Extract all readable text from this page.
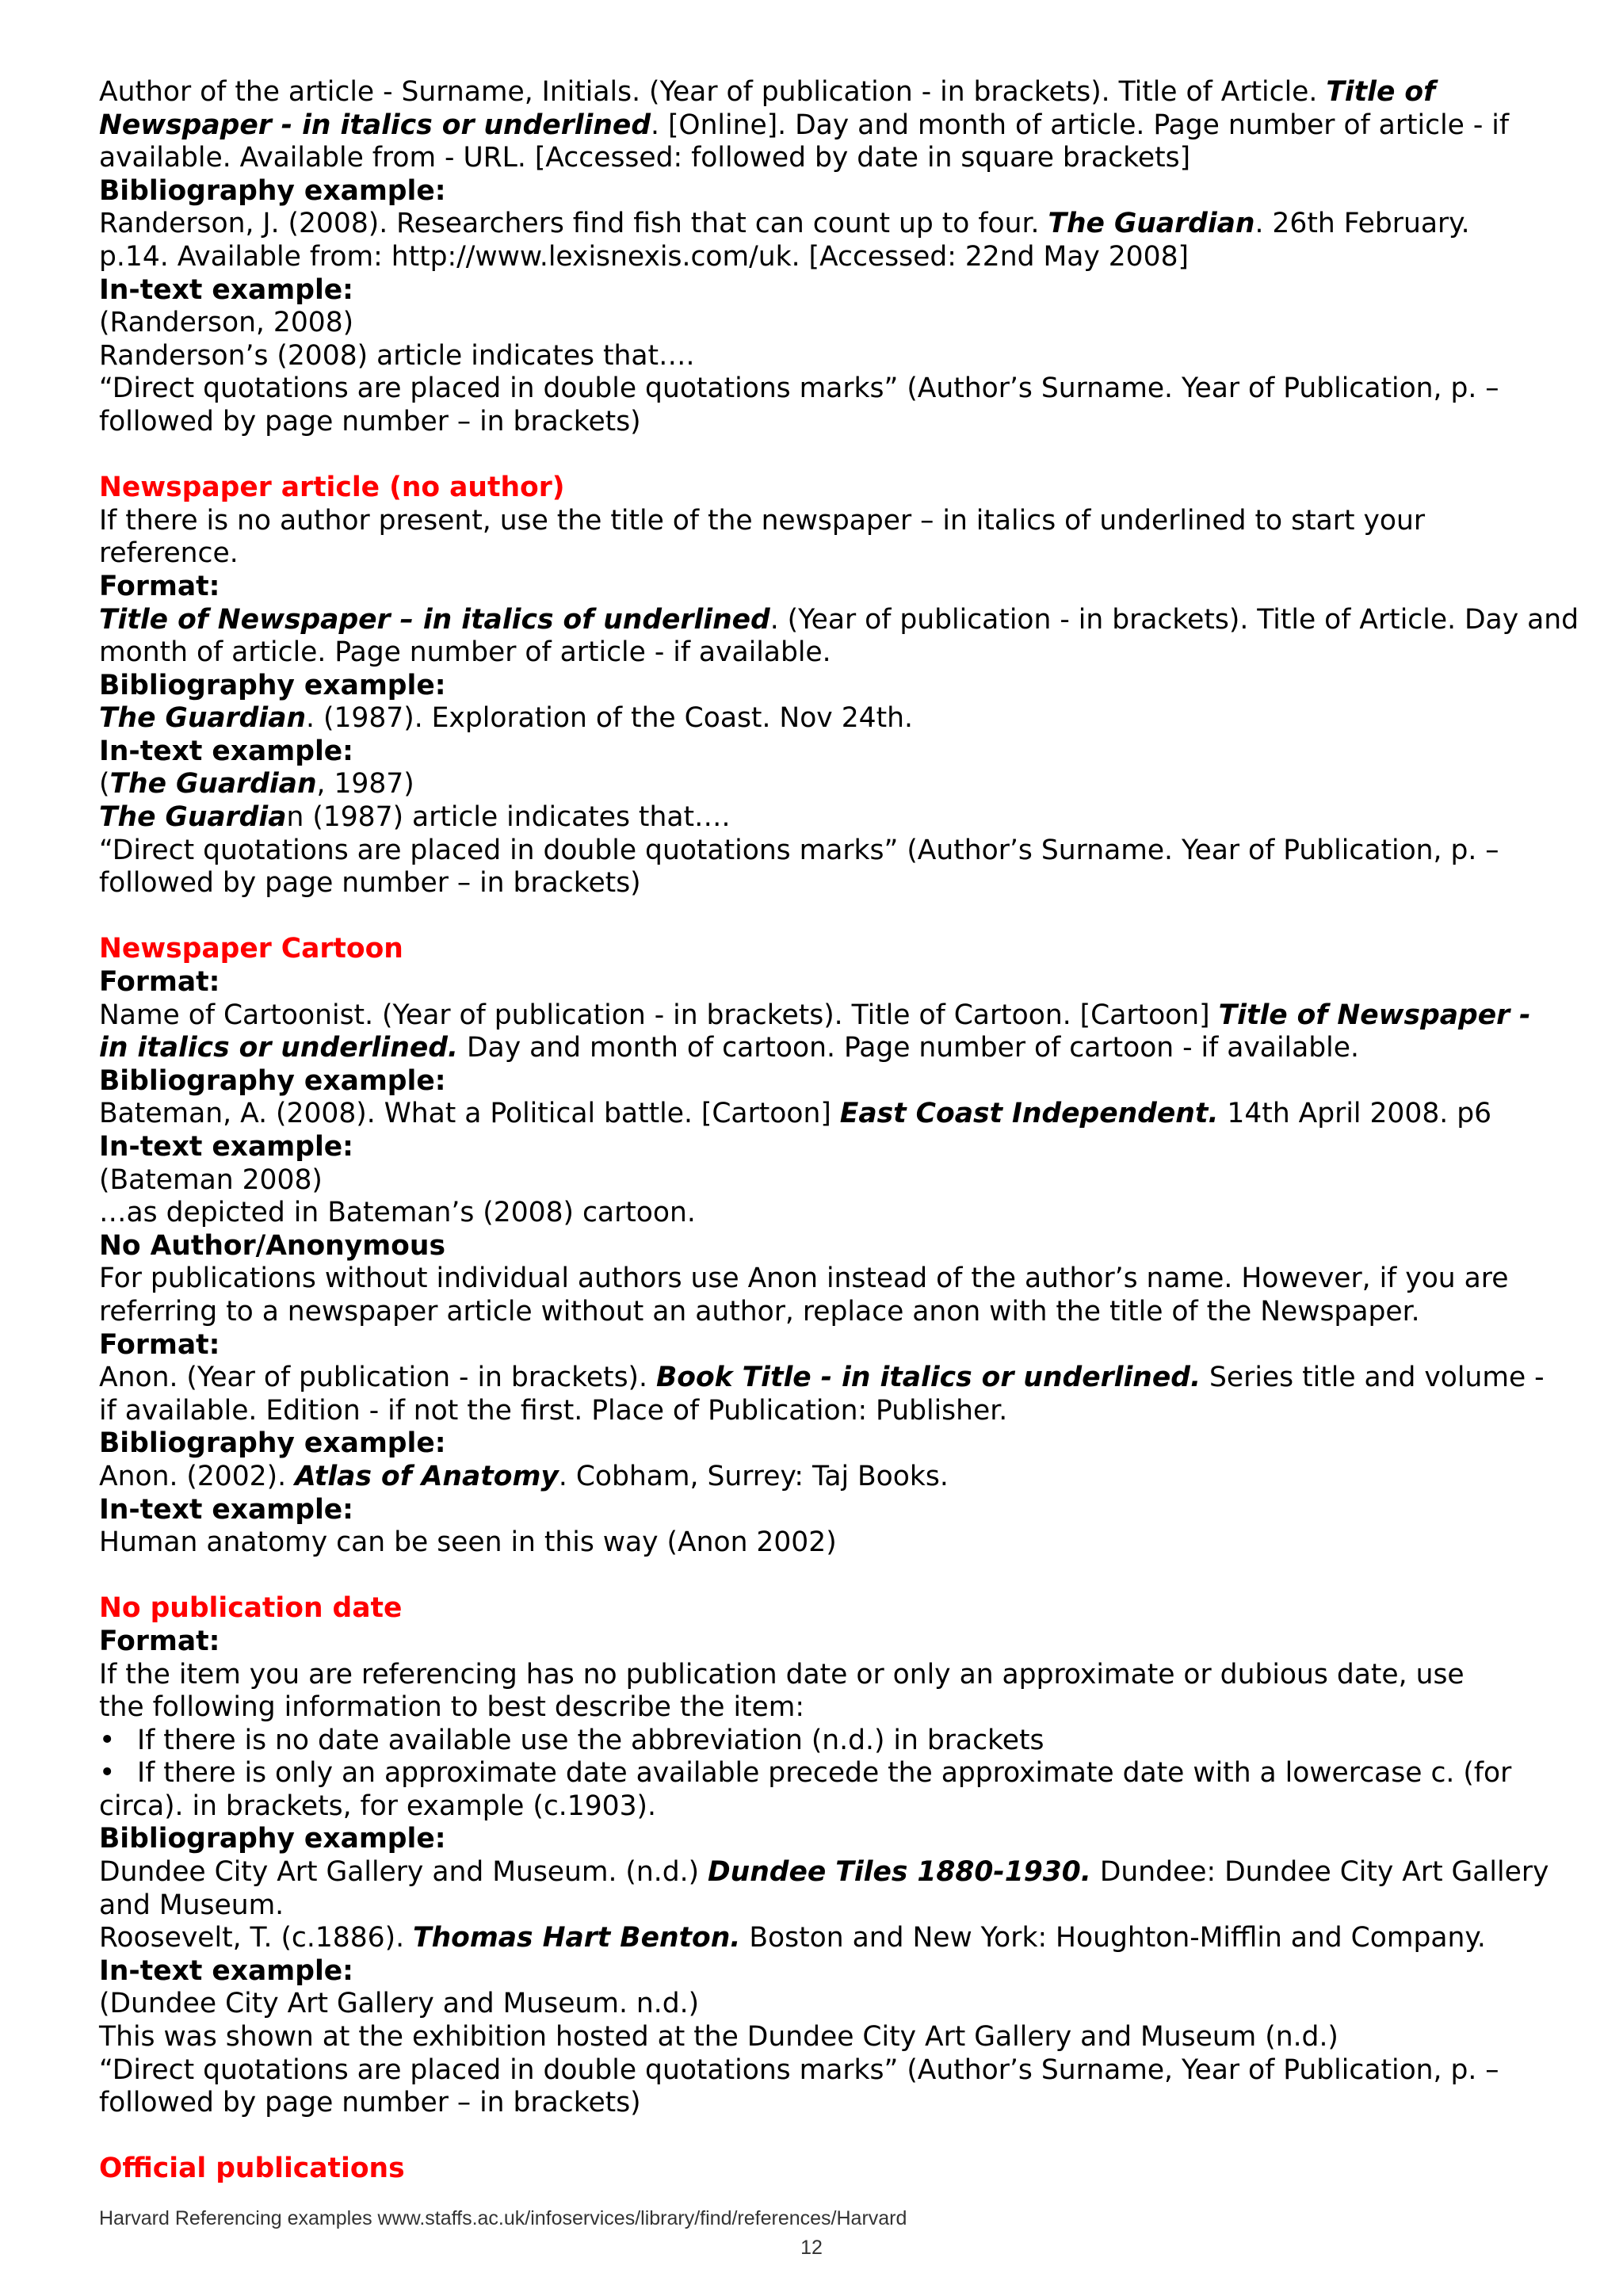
Author of the article - Surname, Initials. (Year of publication - in brackets). Title of Article. Title of
Newspaper - in italics or underlined. [Online]. Day and month of article. Page number of article - if
available. Available from - URL. [Accessed: followed by date in square brackets]
Bibliography example:
Randerson, J. (2008). Researchers find fish that can count up to four. The Guardian. 26th February.
p.14. Available from: http://www.lexisnexis.com/uk. [Accessed: 22nd May 2008]
In-text example:
(Randerson, 2008)
Randerson’s (2008) article indicates that….
“Direct quotations are placed in double quotations marks” (Author’s Surname. Year of Publication, p. –
followed by page number – in brackets)
Newspaper article (no author)
If there is no author present, use the title of the newspaper – in italics of underlined to start your
reference.
Format:
Title of Newspaper – in italics of underlined. (Year of publication - in brackets). Title of Article. Day and
month of article. Page number of article - if available.
Bibliography example:
The Guardian. (1987). Exploration of the Coast. Nov 24th.
In-text example:
(The Guardian, 1987)
The Guardian (1987) article indicates that….
“Direct quotations are placed in double quotations marks” (Author’s Surname. Year of Publication, p. –
followed by page number – in brackets)
Newspaper Cartoon
Format:
Name of Cartoonist. (Year of publication - in brackets). Title of Cartoon. [Cartoon] Title of Newspaper -
in italics or underlined. Day and month of cartoon. Page number of cartoon - if available.
Bibliography example:
Bateman, A. (2008). What a Political battle. [Cartoon] East Coast Independent. 14th April 2008. p6
In-text example:
(Bateman 2008)
…as depicted in Bateman’s (2008) cartoon.
No Author/Anonymous
For publications without individual authors use Anon instead of the author’s name. However, if you are
referring to a newspaper article without an author, replace anon with the title of the Newspaper.
Format:
Anon. (Year of publication - in brackets). Book Title - in italics or underlined. Series title and volume -
if available. Edition - if not the first. Place of Publication: Publisher.
Bibliography example:
Anon. (2002). Atlas of Anatomy. Cobham, Surrey: Taj Books.
In-text example:
Human anatomy can be seen in this way (Anon 2002)
No publication date
Format:
If the item you are referencing has no publication date or only an approximate or dubious date, use
the following information to best describe the item:
• If there is no date available use the abbreviation (n.d.) in brackets
• If there is only an approximate date available precede the approximate date with a lowercase c. (for
circa). in brackets, for example (c.1903).
Bibliography example:
Dundee City Art Gallery and Museum. (n.d.) Dundee Tiles 1880-1930. Dundee: Dundee City Art Gallery
and Museum.
Roosevelt, T. (c.1886). Thomas Hart Benton. Boston and New York: Houghton-Mifflin and Company.
In-text example:
(Dundee City Art Gallery and Museum. n.d.)
This was shown at the exhibition hosted at the Dundee City Art Gallery and Museum (n.d.)
“Direct quotations are placed in double quotations marks” (Author’s Surname, Year of Publication, p. –
followed by page number – in brackets)
Official publications
Harvard Referencing examples www.staffs.ac.uk/infoservices/library/find/references/Harvard
12
